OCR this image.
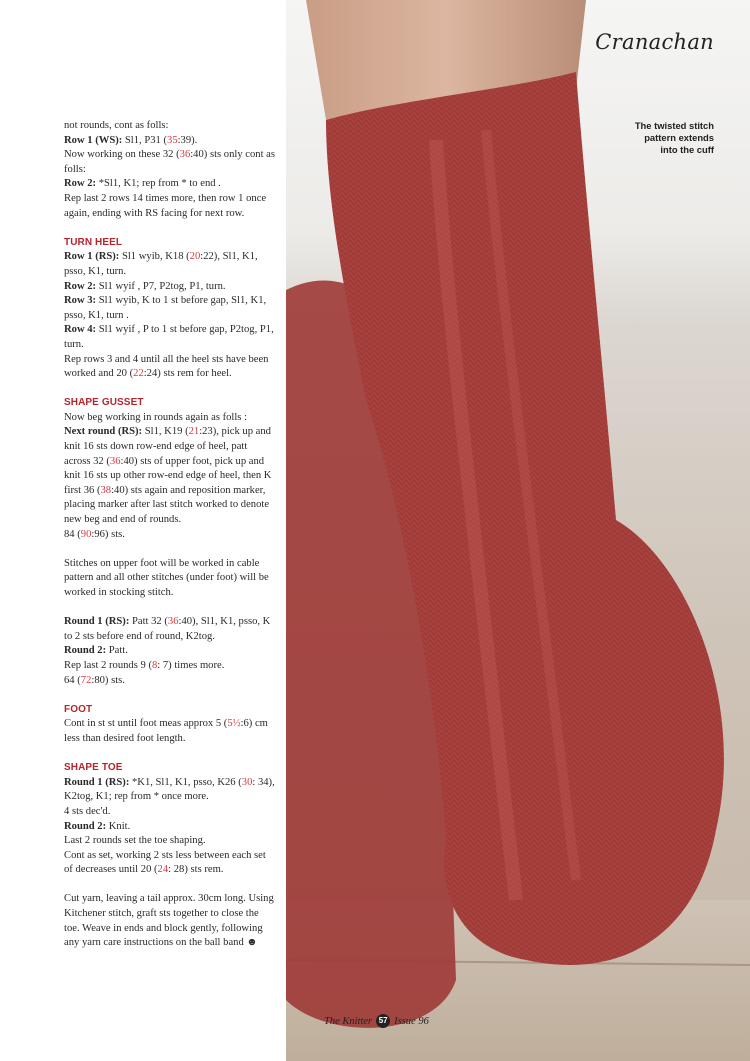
not rounds, cont as folls:

Row 1 (WS): Sl1, P31 (35:39).

Now working on these 32 (36:40) sts only cont as folls:

Row 2: *Sl1, K1; rep from * to end .

Rep last 2 rows 14 times more, then row 1 once again, ending with RS facing for next row.

TURN HEEL

Row 1 (RS): Sl1 wyib, K18 (20:22), Sl1, K1, psso, K1, turn.

Row 2: Sl1 wyif , P7, P2tog, P1, turn.

Row 3: Sl1 wyib, K to 1 st before gap, Sl1, K1, psso, K1, turn .

Row 4: Sl1 wyif , P to 1 st before gap, P2tog, P1, turn.

Rep rows 3 and 4 until all the heel sts have been worked and 20 (22:24) sts rem for heel.

SHAPE GUSSET

Now beg working in rounds again as folls :

Next round (RS): Sl1, K19 (21:23), pick up and knit 16 sts down row-end edge of heel, patt across 32 (36:40) sts of upper foot, pick up and knit 16 sts up other row-end edge of heel, then K first 36 (38:40) sts again and reposition marker, placing marker after last stitch worked to denote new beg and end of rounds.

84 (90:96) sts.

Stitches on upper foot will be worked in cable pattern and all other stitches (under foot) will be worked in stocking stitch.

Round 1 (RS): Patt 32 (36:40), Sl1, K1, psso, K to 2 sts before end of round, K2tog.

Round 2: Patt.

Rep last 2 rounds 9 (8: 7) times more.

64 (72:80) sts.

FOOT

Cont in st st until foot meas approx 5 (5½:6) cm less than desired foot length.

SHAPE TOE

Round 1 (RS): *K1, Sl1, K1, psso, K26 (30: 34), K2tog, K1; rep from * once more.

4 sts dec'd.

Round 2: Knit.

Last 2 rounds set the toe shaping.

Cont as set, working 2 sts less between each set of decreases until 20 (24: 28) sts rem.

Cut yarn, leaving a tail approx. 30cm long. Using Kitchener stitch, graft sts together to close the toe. Weave in ends and block gently, following any yarn care instructions on the ball band ☻

Cranachan
The twisted stitch
pattern extends
into the cuff
The Knitter 57 Issue 96
